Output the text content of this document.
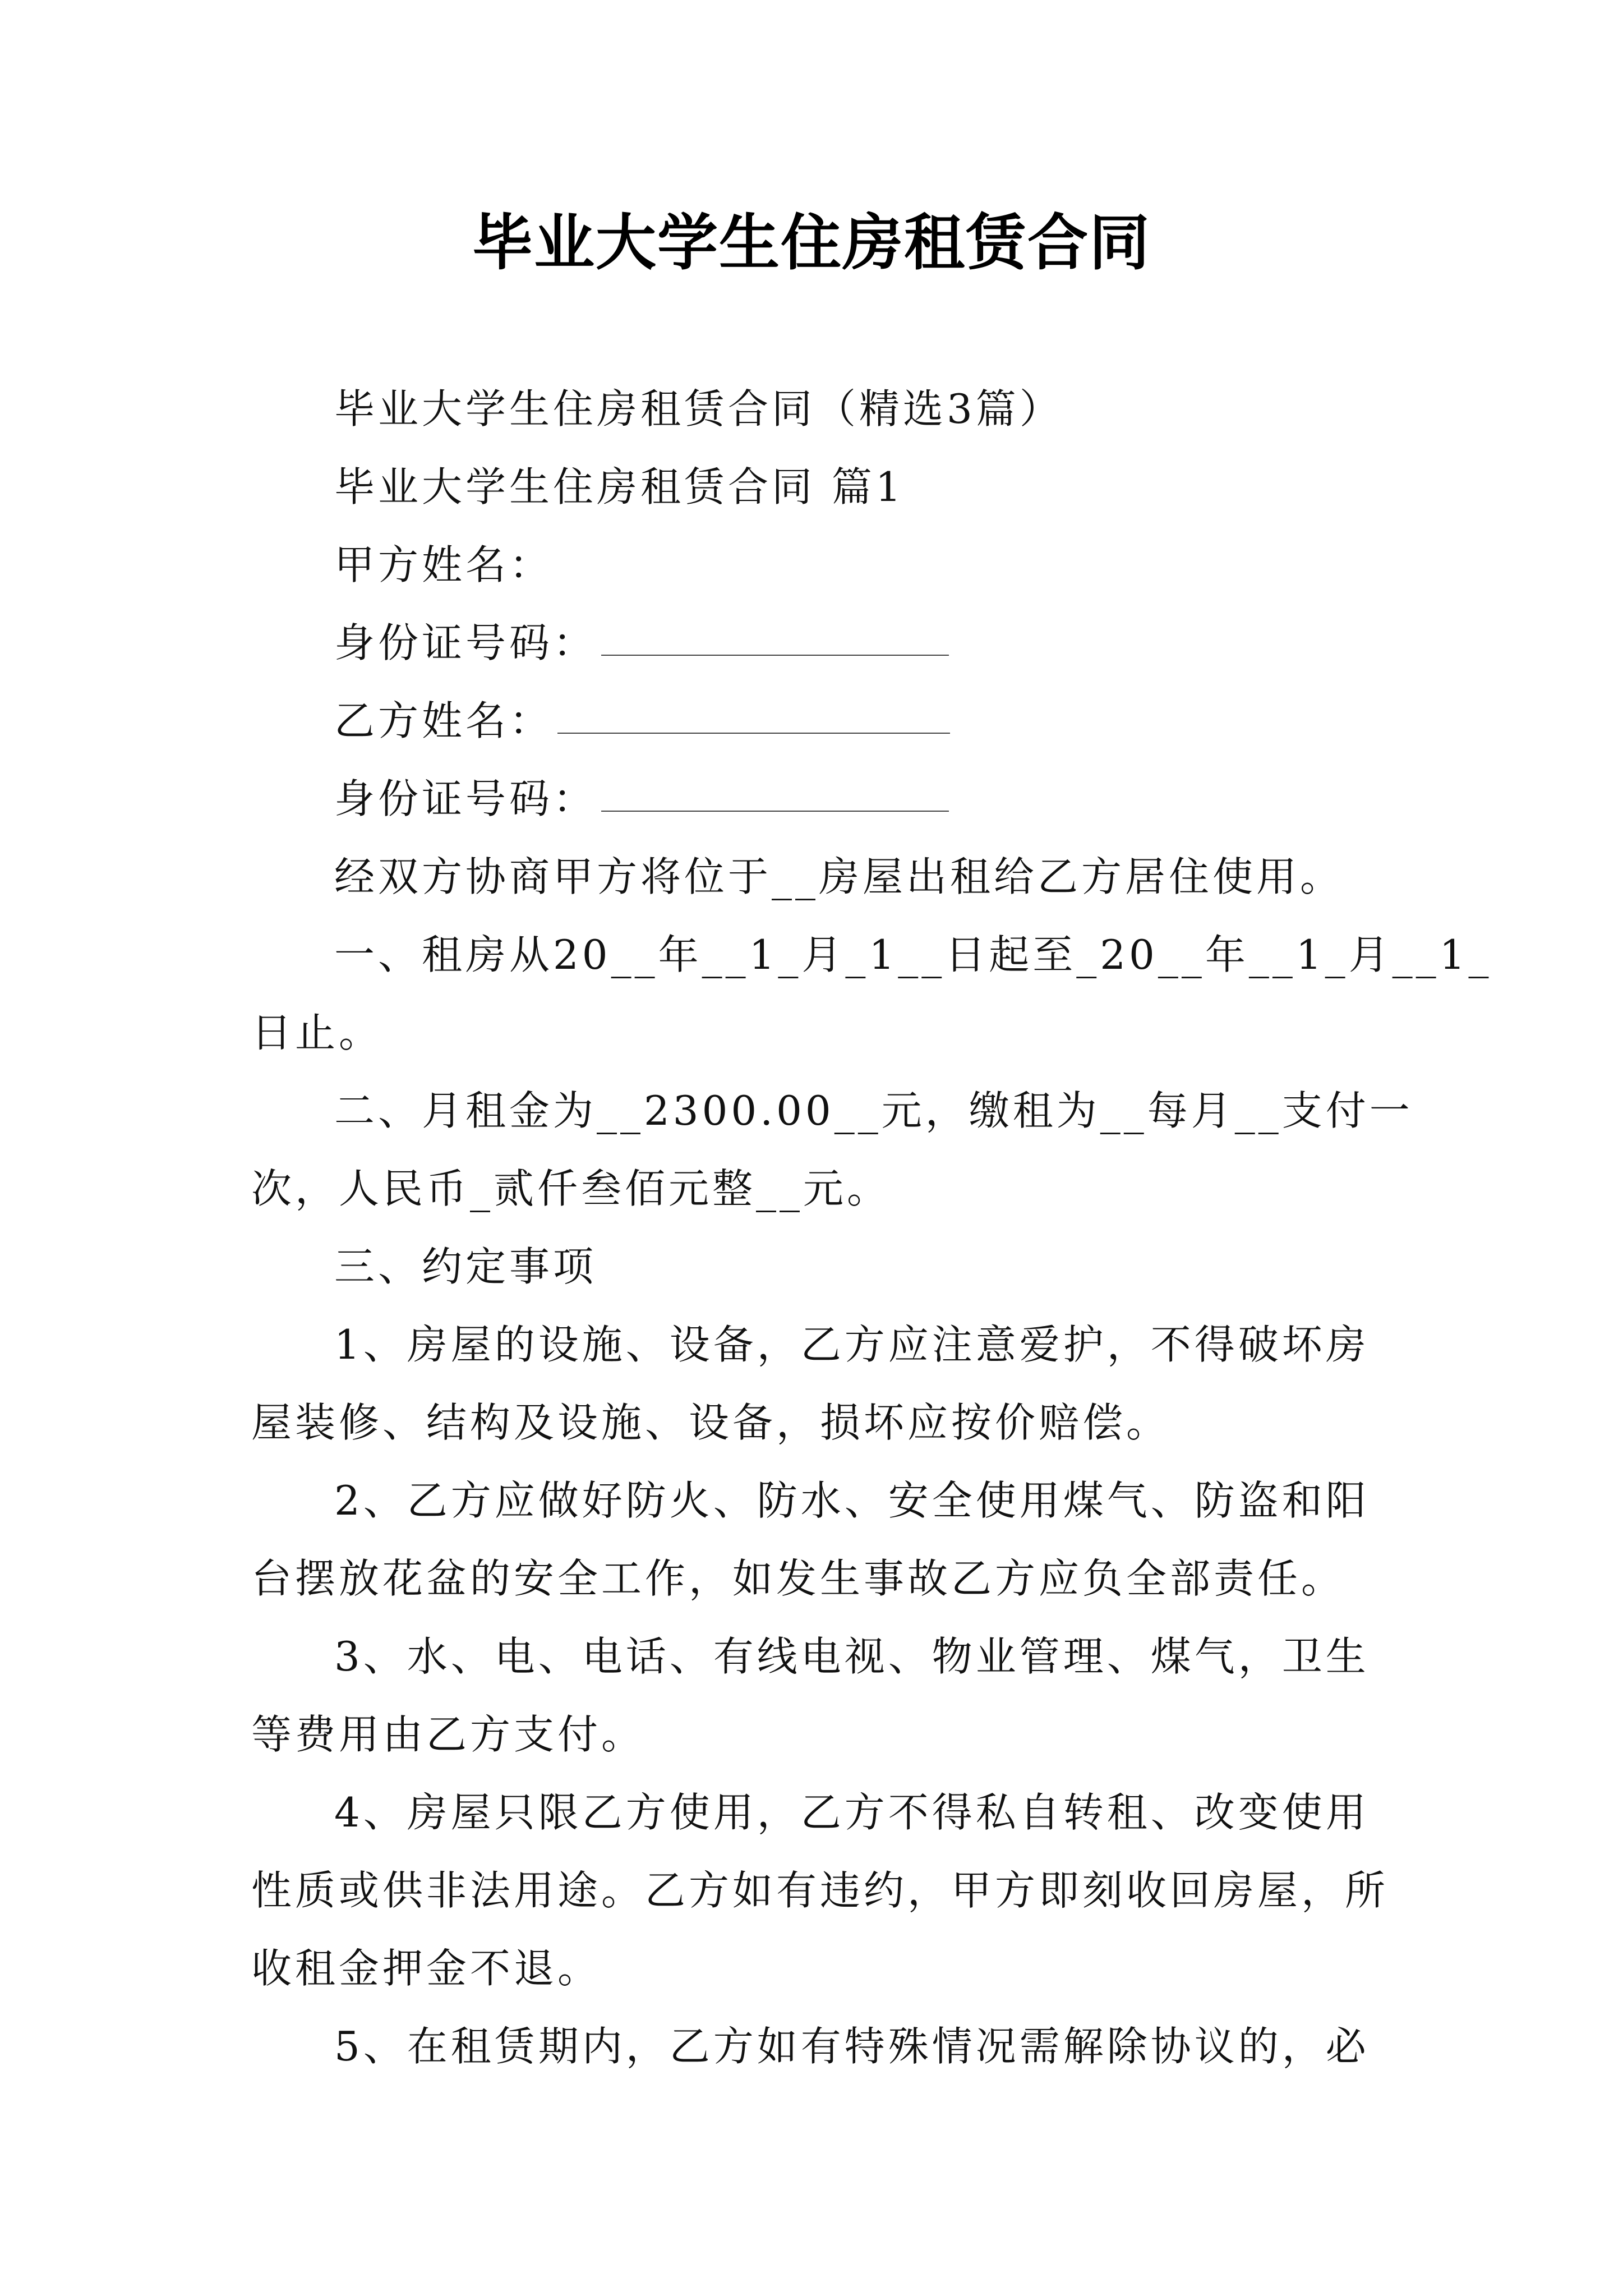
毕业大学生住房租赁合同
毕业大学生住房租赁合同（精选3篇）
毕业大学生住房租赁合同 篇1
甲方姓名：
身份证号码：
乙方姓名：
身份证号码：
经双方协商甲方将位于__房屋出租给乙方居住使用。
一、租房从20__年__1_月_1__日起至_20__年__1_月__1_
日止。
二、月租金为__2300.00__元，缴租为__每月__支付一
次，人民币_贰仟叁佰元整__元。
三、约定事项
1、房屋的设施、设备，乙方应注意爱护，不得破坏房
屋装修、结构及设施、设备，损坏应按价赔偿。
2、乙方应做好防火、防水、安全使用煤气、防盗和阳
台摆放花盆的安全工作，如发生事故乙方应负全部责任。
3、水、电、电话、有线电视、物业管理、煤气，卫生
等费用由乙方支付。
4、房屋只限乙方使用，乙方不得私自转租、改变使用
性质或供非法用途。乙方如有违约，甲方即刻收回房屋，所
收租金押金不退。
5、在租赁期内，乙方如有特殊情况需解除协议的，必
